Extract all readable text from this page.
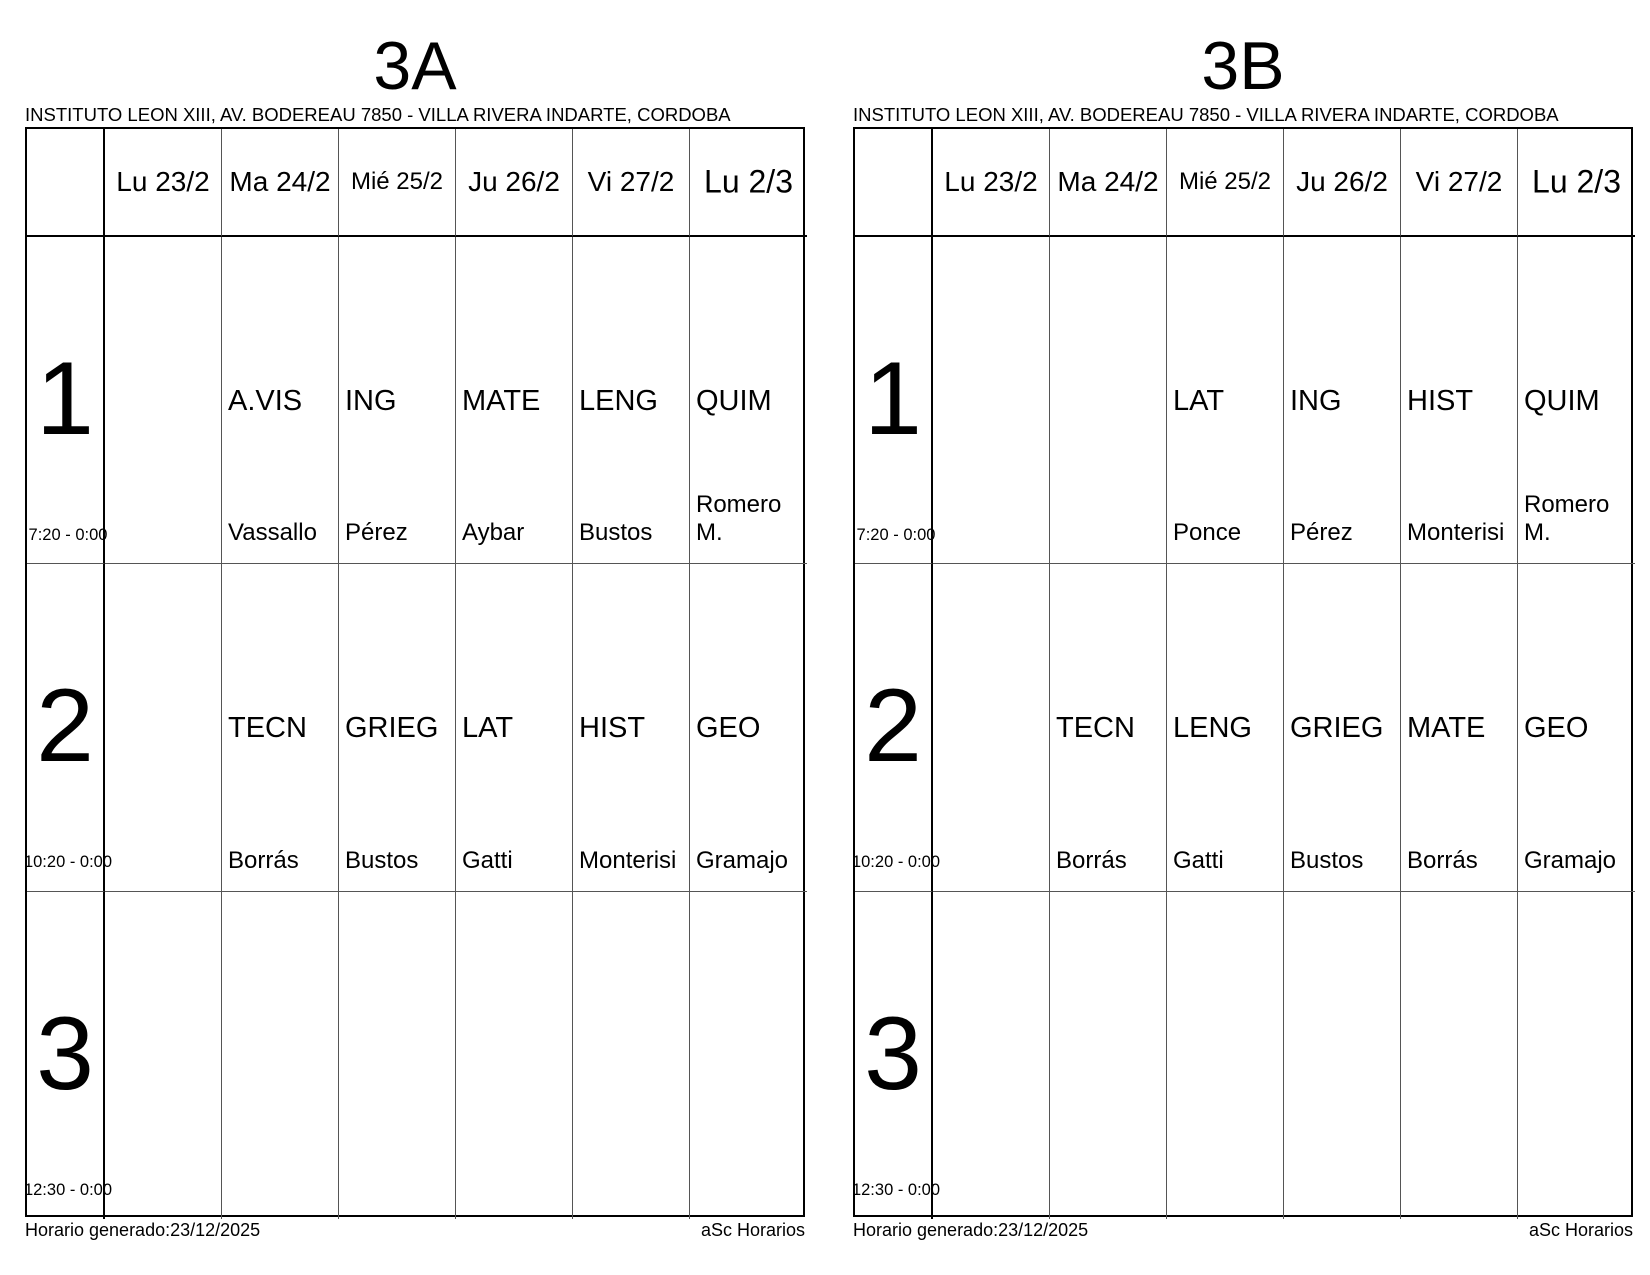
3A
INSTITUTO LEON XIII, AV. BODEREAU 7850 - VILLA RIVERA INDARTE, CORDOBA
Lu 23/2 Ma 24/2 Mié 25/2 Ju 26/2 Vi 27/2 Lu 2/3
1
7:20 - 0:00
A.VIS
Vassallo
ING
Pérez
MATE
Aybar
LENG
Bustos
QUIM
Romero M.
2
10:20 - 0:00
TECN
Borrás
GRIEG
Bustos
LAT
Gatti
HIST
Monterisi
GEO
Gramajo
3
12:30 - 0:00
Horario generado:23/12/2025	aSc Horarios
3B
INSTITUTO LEON XIII, AV. BODEREAU 7850 - VILLA RIVERA INDARTE, CORDOBA
Lu 23/2 Ma 24/2 Mié 25/2 Ju 26/2 Vi 27/2 Lu 2/3
1
7:20 - 0:00
LAT
Ponce
ING
Pérez
HIST
Monterisi
QUIM
Romero M.
2
10:20 - 0:00
TECN
Borrás
LENG
Gatti
GRIEG
Bustos
MATE
Borrás
GEO
Gramajo
3
12:30 - 0:00
Horario generado:23/12/2025	aSc Horarios
